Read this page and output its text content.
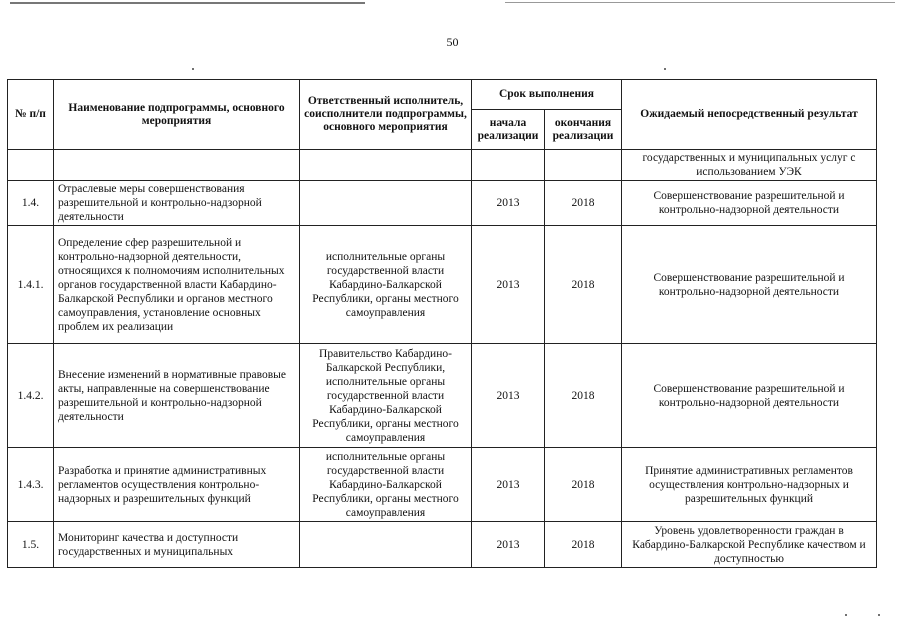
50
№ п/п	Наименование подпрограммы, основного мероприятия	Ответственный исполнитель, соисполнители подпрограммы, основного мероприятия	Срок выполнения		Ожидаемый непосредственный результат
			начала реализации	окончания реализации	
					государственных и муниципальных услуг с использованием УЭК
1.4.	Отраслевые меры совершенствования разрешительной и контрольно-надзорной деятельности		2013	2018	Совершенствование разрешительной и контрольно-надзорной деятельности
1.4.1.	Определение сфер разрешительной и контрольно-надзорной деятельности, относящихся к полномочиям исполнительных органов государственной власти Кабардино-Балкарской Республики и органов местного самоуправления, установление основных проблем их реализации	исполнительные органы государственной власти Кабардино-Балкарской Республики, органы местного самоуправления	2013	2018	Совершенствование разрешительной и контрольно-надзорной деятельности
1.4.2.	Внесение изменений в нормативные правовые акты, направленные на совершенствование разрешительной и контрольно-надзорной деятельности	Правительство Кабардино-Балкарской Республики, исполнительные органы государственной власти Кабардино-Балкарской Республики, органы местного самоуправления	2013	2018	Совершенствование разрешительной и контрольно-надзорной деятельности
1.4.3.	Разработка и принятие административных регламентов осуществления контрольно-надзорных и разрешительных функций	исполнительные органы государственной власти Кабардино-Балкарской Республики, органы местного самоуправления	2013	2018	Принятие административных регламентов осуществления контрольно-надзорных и разрешительных функций
1.5.	Мониторинг качества и доступности государственных и муниципальных		2013	2018	Уровень удовлетворенности граждан в Кабардино-Балкарской Республике качеством и доступностью
